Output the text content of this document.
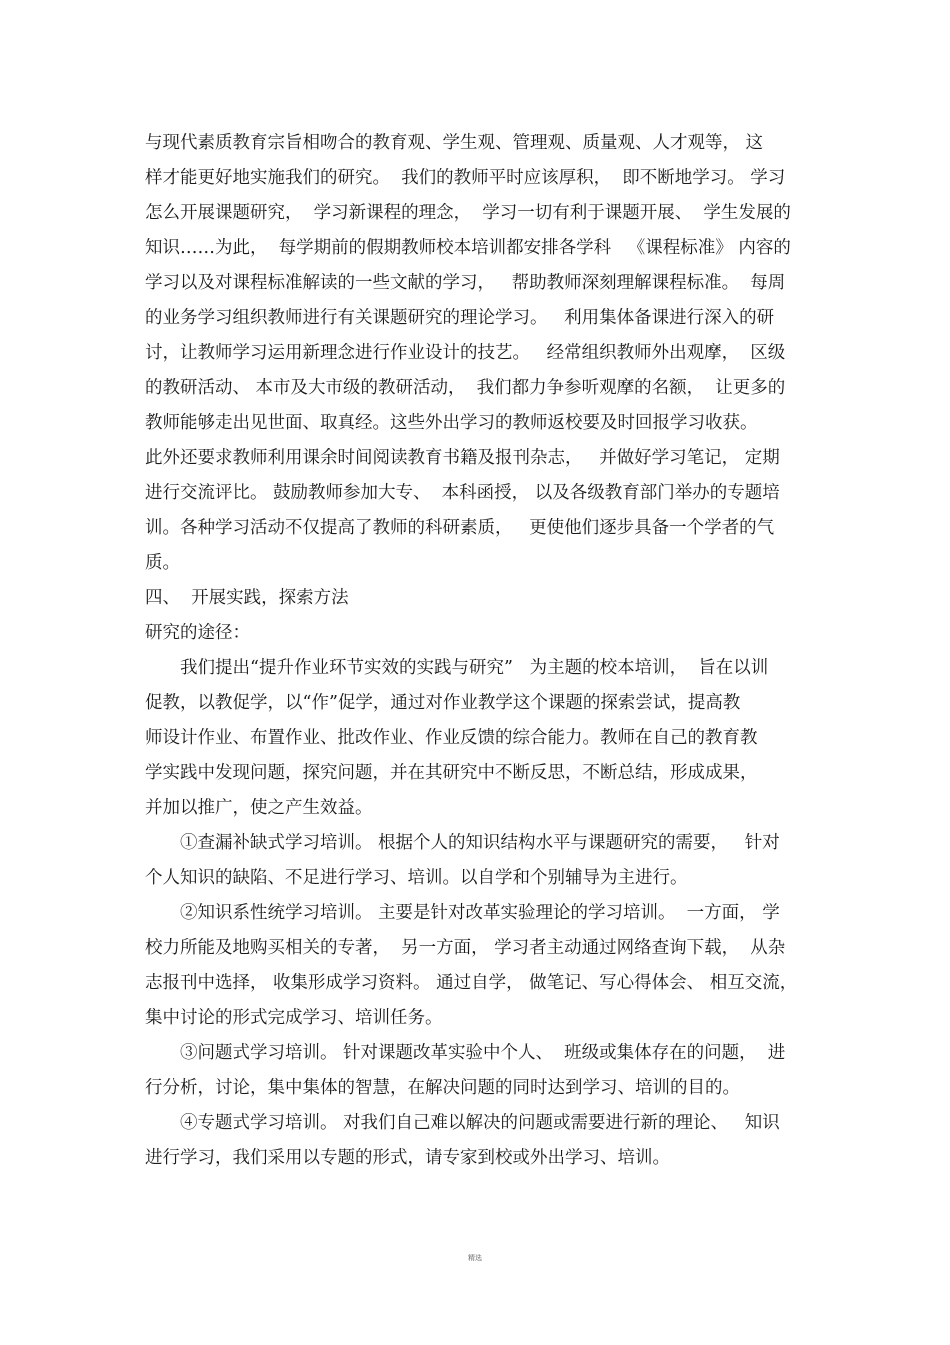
与现代素质教育宗旨相吻合的教育观、学生观、管理观、质量观、人才观等， 这
样才能更好地实施我们的研究。  我们的教师平时应该厚积，  即不断地学习。 学习
怎么开展课题研究，  学习新课程的理念，  学习一切有利于课题开展、  学生发展的
知识……为此，  每学期前的假期教师校本培训都安排各学科   《课程标准》 内容的
学习以及对课程标准解读的一些文献的学习，   帮助教师深刻理解课程标准。  每周
的业务学习组织教师进行有关课题研究的理论学习。   利用集体备课进行深入的研
讨，让教师学习运用新理念进行作业设计的技艺。   经常组织教师外出观摩，  区级
的教研活动、 本市及大市级的教研活动，  我们都力争参听观摩的名额，  让更多的
教师能够走出见世面、取真经。这些外出学习的教师返校要及时回报学习收获。
此外还要求教师利用课余时间阅读教育书籍及报刊杂志，   并做好学习笔记， 定期
进行交流评比。 鼓励教师参加大专、  本科函授， 以及各级教育部门举办的专题培
训。各种学习活动不仅提高了教师的科研素质，   更使他们逐步具备一个学者的气
质。
四、  开展实践，探索方法
研究的途径：
我们提出“提升作业环节实效的实践与研究”   为主题的校本培训，  旨在以训
促教，以教促学，以“作”促学，通过对作业教学这个课题的探索尝试，提高教
师设计作业、布置作业、批改作业、作业反馈的综合能力。教师在自己的教育教
学实践中发现问题，探究问题，并在其研究中不断反思，不断总结，形成成果，
并加以推广，使之产生效益。
①查漏补缺式学习培训。 根据个人的知识结构水平与课题研究的需要，   针对
个人知识的缺陷、不足进行学习、培训。以自学和个别辅导为主进行。
②知识系性统学习培训。 主要是针对改革实验理论的学习培训。  一方面， 学
校力所能及地购买相关的专著，  另一方面， 学习者主动通过网络查询下载，  从杂
志报刊中选择， 收集形成学习资料。 通过自学， 做笔记、写心得体会、 相互交流，
集中讨论的形式完成学习、培训任务。
③问题式学习培训。 针对课题改革实验中个人、  班级或集体存在的问题，  进
行分析，讨论，集中集体的智慧，在解决问题的同时达到学习、培训的目的。
④专题式学习培训。 对我们自己难以解决的问题或需要进行新的理论、   知识
进行学习，我们采用以专题的形式，请专家到校或外出学习、培训。
精选
